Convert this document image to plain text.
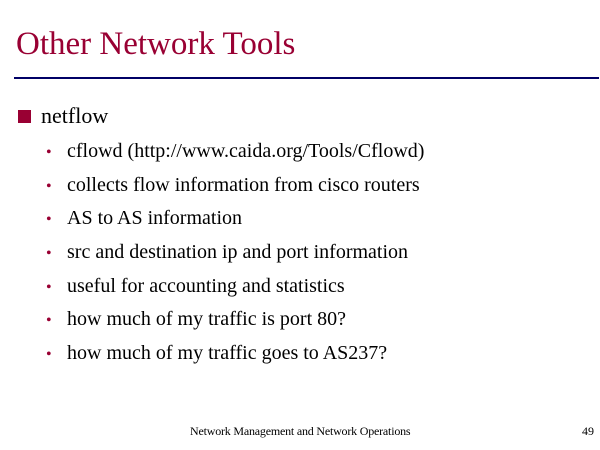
Other Network Tools
netflow
• cflowd (http://www.caida.org/Tools/Cflowd)
• collects flow information from cisco routers
• AS to AS information
• src and destination ip and port information
• useful for accounting and statistics
• how much of my traffic is port 80?
• how much of my traffic goes to AS237?
Network Management and Network Operations	49
